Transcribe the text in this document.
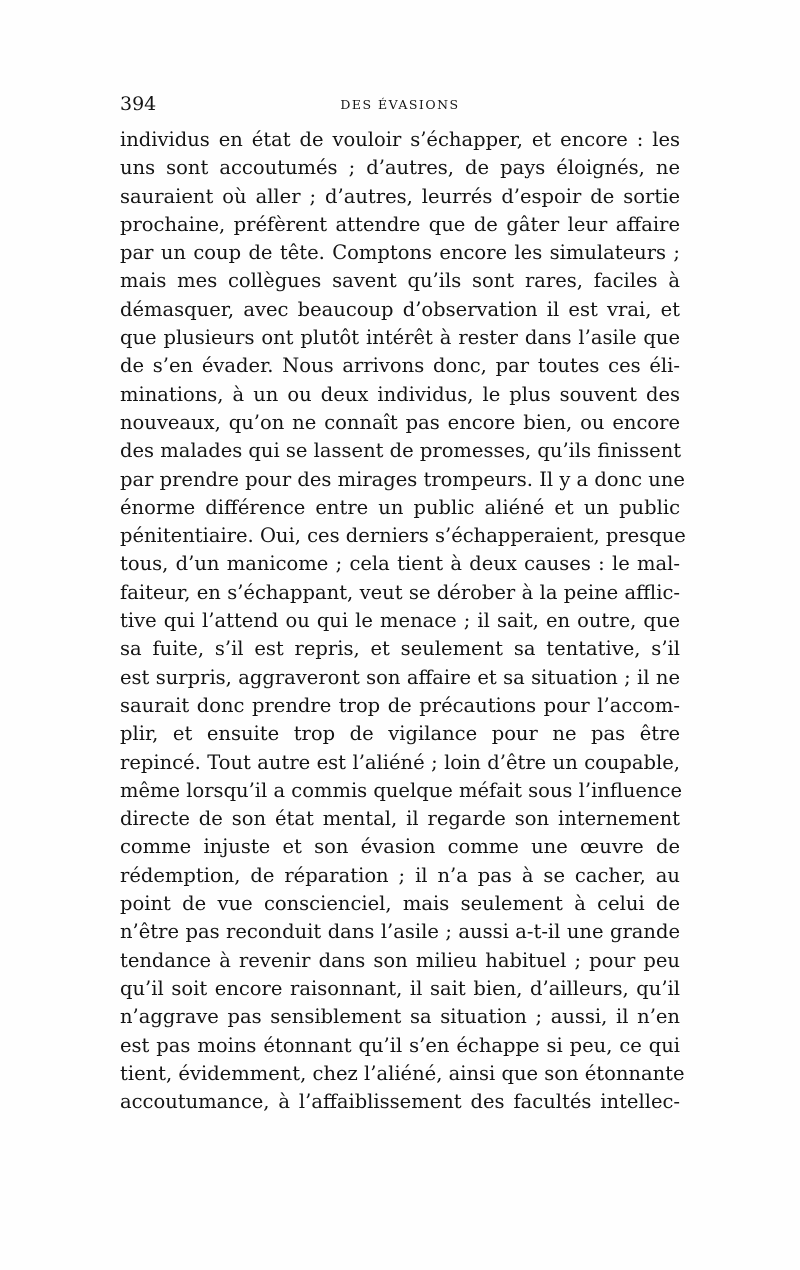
394	DES ÉVASIONS
individus en état de vouloir s’échapper, et encore : les
uns sont accoutumés ; d’autres, de pays éloignés, ne
sauraient où aller ; d’autres, leurrés d’espoir de sortie
prochaine, préfèrent attendre que de gâter leur affaire
par un coup de tête. Comptons encore les simulateurs ;
mais mes collègues savent qu’ils sont rares, faciles à
démasquer, avec beaucoup d’observation il est vrai, et
que plusieurs ont plutôt intérêt à rester dans l’asile que
de s’en évader. Nous arrivons donc, par toutes ces éli-
minations, à un ou deux individus, le plus souvent des
nouveaux, qu’on ne connaît pas encore bien, ou encore
des malades qui se lassent de promesses, qu’ils finissent
par prendre pour des mirages trompeurs. Il y a donc une
énorme différence entre un public aliéné et un public
pénitentiaire. Oui, ces derniers s’échapperaient, presque
tous, d’un manicome ; cela tient à deux causes : le mal-
faiteur, en s’échappant, veut se dérober à la peine afflic-
tive qui l’attend ou qui le menace ; il sait, en outre, que
sa fuite, s’il est repris, et seulement sa tentative, s’il
est surpris, aggraveront son affaire et sa situation ; il ne
saurait donc prendre trop de précautions pour l’accom-
plir, et ensuite trop de vigilance pour ne pas être
repincé. Tout autre est l’aliéné ; loin d’être un coupable,
même lorsqu’il a commis quelque méfait sous l’influence
directe de son état mental, il regarde son internement
comme injuste et son évasion comme une œuvre de
rédemption, de réparation ; il n’a pas à se cacher, au
point de vue conscienciel, mais seulement à celui de
n’être pas reconduit dans l’asile ; aussi a-t-il une grande
tendance à revenir dans son milieu habituel ; pour peu
qu’il soit encore raisonnant, il sait bien, d’ailleurs, qu’il
n’aggrave pas sensiblement sa situation ; aussi, il n’en
est pas moins étonnant qu’il s’en échappe si peu, ce qui
tient, évidemment, chez l’aliéné, ainsi que son étonnante
accoutumance, à l’affaiblissement des facultés intellec-
